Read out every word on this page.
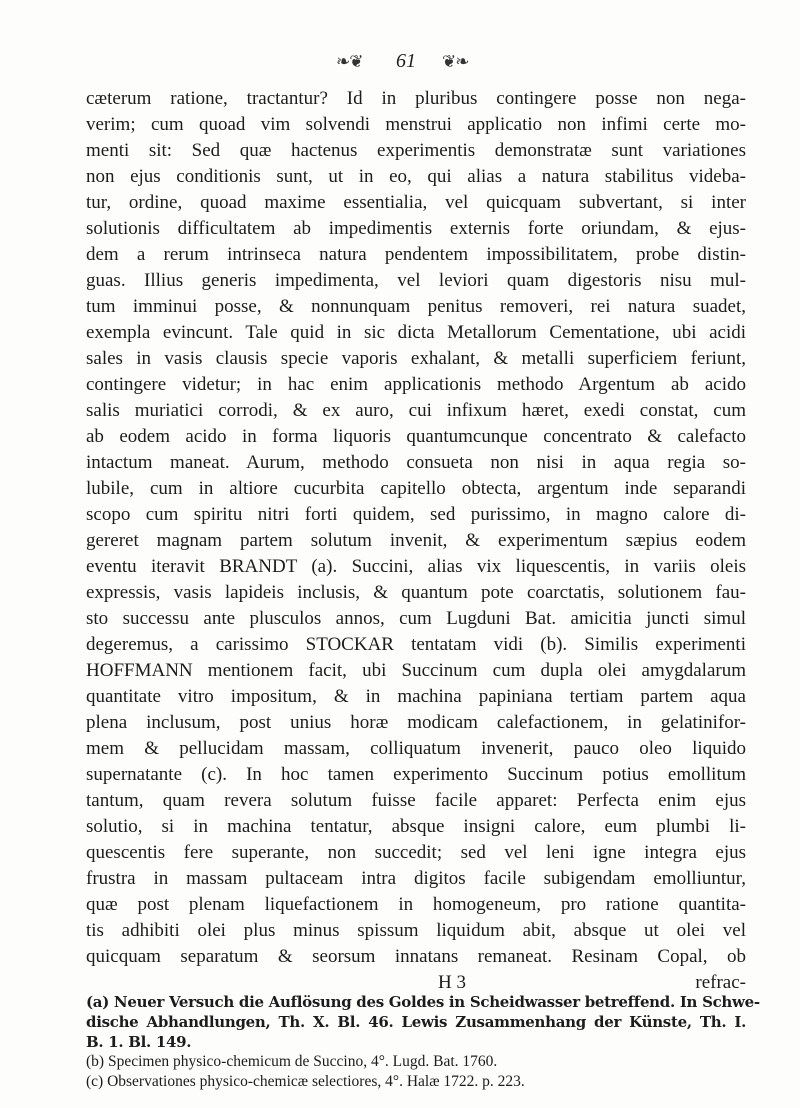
❧❦ 61 ❦❧
cæterum ratione, tractantur? Id in pluribus contingere posse non nega-
verim; cum quoad vim solvendi menstrui applicatio non infimi certe mo-
menti sit: Sed quæ hactenus experimentis demonstratæ sunt variationes
non ejus conditionis sunt, ut in eo, qui alias a natura stabilitus videba-
tur, ordine, quoad maxime essentialia, vel quicquam subvertant, si inter
solutionis difficultatem ab impedimentis externis forte oriundam, & ejus-
dem a rerum intrinseca natura pendentem impossibilitatem, probe distin-
guas. Illius generis impedimenta, vel leviori quam digestoris nisu mul-
tum imminui posse, & nonnunquam penitus removeri, rei natura suadet,
exempla evincunt. Tale quid in sic dicta Metallorum Cementatione, ubi acidi
sales in vasis clausis specie vaporis exhalant, & metalli superficiem feriunt,
contingere videtur; in hac enim applicationis methodo Argentum ab acido
salis muriatici corrodi, & ex auro, cui infixum hæret, exedi constat, cum
ab eodem acido in forma liquoris quantumcunque concentrato & calefacto
intactum maneat. Aurum, methodo consueta non nisi in aqua regia so-
lubile, cum in altiore cucurbita capitello obtecta, argentum inde separandi
scopo cum spiritu nitri forti quidem, sed purissimo, in magno calore di-
gereret magnam partem solutum invenit, & experimentum sæpius eodem
eventu iteravit BRANDT (a). Succini, alias vix liquescentis, in variis oleis
expressis, vasis lapideis inclusis, & quantum pote coarctatis, solutionem fau-
sto successu ante plusculos annos, cum Lugduni Bat. amicitia juncti simul
degeremus, a carissimo STOCKAR tentatam vidi (b). Similis experimenti
HOFFMANN mentionem facit, ubi Succinum cum dupla olei amygdalarum
quantitate vitro impositum, & in machina papiniana tertiam partem aqua
plena inclusum, post unius horæ modicam calefactionem, in gelatinifor-
mem & pellucidam massam, colliquatum invenerit, pauco oleo liquido
supernatante (c). In hoc tamen experimento Succinum potius emollitum
tantum, quam revera solutum fuisse facile apparet: Perfecta enim ejus
solutio, si in machina tentatur, absque insigni calore, eum plumbi li-
quescentis fere superante, non succedit; sed vel leni igne integra ejus
frustra in massam pultaceam intra digitos facile subigendam emolliuntur,
quæ post plenam liquefactionem in homogeneum, pro ratione quantita-
tis adhibiti olei plus minus spissum liquidum abit, absque ut olei vel
quicquam separatum & seorsum innatans remaneat. Resinam Copal, ob
H 3	refrac-
(a) Neuer Versuch die Auflösung des Goldes in Scheidwasser betreffend. In Schwe-
dische Abhandlungen, Th. X. Bl. 46. Lewis Zusammenhang der Künste, Th. I.
B. 1. Bl. 149.
(b) Specimen physico-chemicum de Succino, 4°. Lugd. Bat. 1760.
(c) Observationes physico-chemicæ selectiores, 4°. Halæ 1722. p. 223.
